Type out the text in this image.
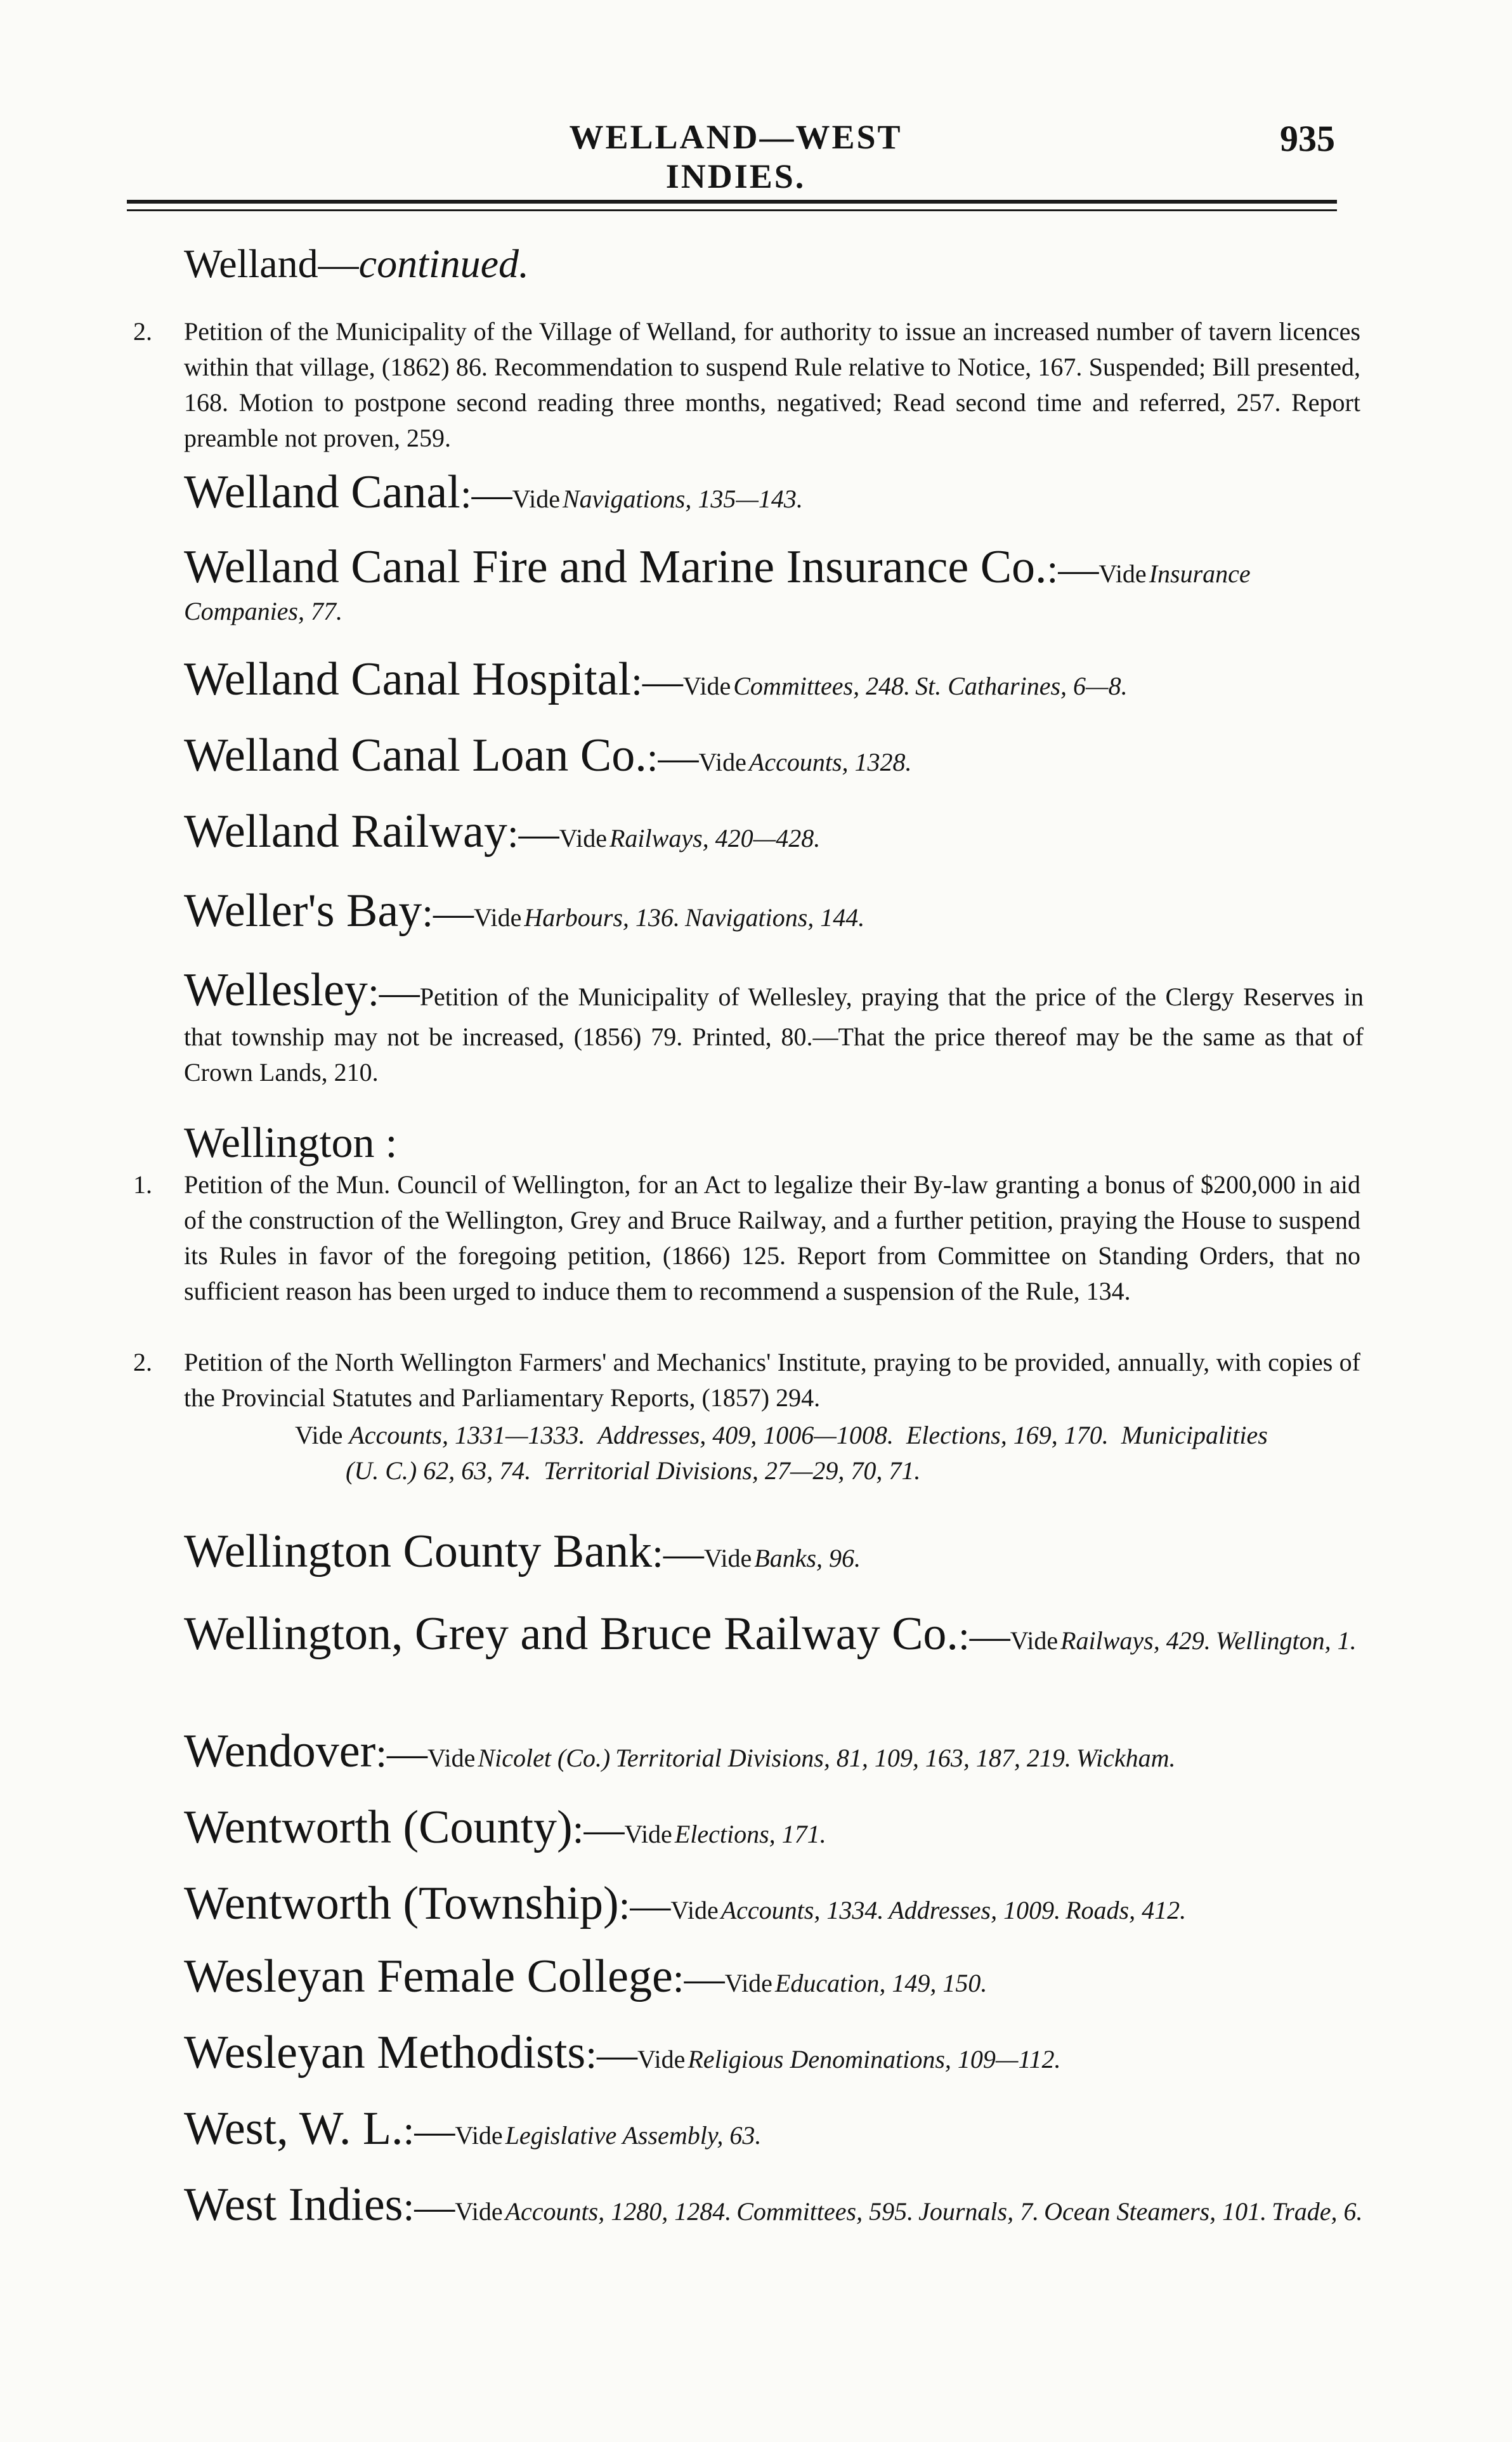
WELLAND—WEST INDIES.
935
Welland—continued.
2. Petition of the Municipality of the Village of Welland, for authority to issue an increased number of tavern licences within that village, (1862) 86. Recommendation to suspend Rule relative to Notice, 167. Suspended; Bill presented, 168. Motion to postpone second reading three months, negatived; Read second time and referred, 257. Report preamble not proven, 259.
Welland Canal:—Vide Navigations, 135—143.
Welland Canal Fire and Marine Insurance Co.:—Vide Insurance Companies, 77.
Welland Canal Hospital:—Vide Committees, 248. St. Catharines, 6—8.
Welland Canal Loan Co.:—Vide Accounts, 1328.
Welland Railway:—Vide Railways, 420—428.
Weller's Bay:—Vide Harbours, 136. Navigations, 144.
Wellesley:—Petition of the Municipality of Wellesley, praying that the price of the Clergy Reserves in that township may not be increased, (1856) 79. Printed, 80.—That the price thereof may be the same as that of Crown Lands, 210.
Wellington :
1. Petition of the Mun. Council of Wellington, for an Act to legalize their By-law granting a bonus of $200,000 in aid of the construction of the Wellington, Grey and Bruce Railway, and a further petition, praying the House to suspend its Rules in favor of the foregoing petition, (1866) 125. Report from Committee on Standing Orders, that no sufficient reason has been urged to induce them to recommend a suspension of the Rule, 134.
2. Petition of the North Wellington Farmers' and Mechanics' Institute, praying to be provided, annually, with copies of the Provincial Statutes and Parliamentary Reports, (1857) 294.
Vide Accounts, 1331—1333. Addresses, 409, 1006—1008. Elections, 169, 170. Municipalities
(U. C.) 62, 63, 74. Territorial Divisions, 27—29, 70, 71.
Wellington County Bank:—Vide Banks, 96.
Wellington, Grey and Bruce Railway Co.:—Vide Railways, 429. Wellington, 1.
Wendover:—Vide Nicolet (Co.) Territorial Divisions, 81, 109, 163, 187, 219. Wickham.
Wentworth (County):—Vide Elections, 171.
Wentworth (Township):—Vide Accounts, 1334. Addresses, 1009. Roads, 412.
Wesleyan Female College:—Vide Education, 149, 150.
Wesleyan Methodists:—Vide Religious Denominations, 109—112.
West, W. L.:—Vide Legislative Assembly, 63.
West Indies:—Vide Accounts, 1280, 1284. Committees, 595. Journals, 7. Ocean Steamers, 101. Trade, 6.
